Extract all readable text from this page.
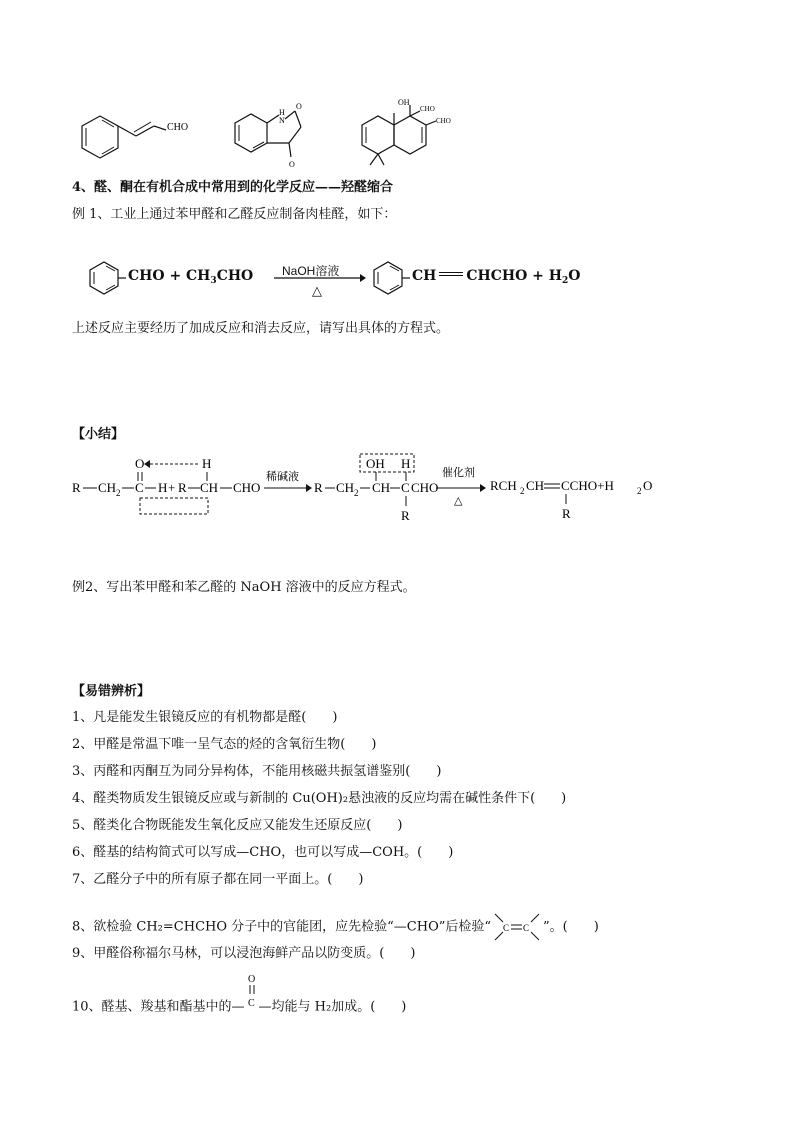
CHO
H
N
O
O
OH
CHO
CHO
4、醛、酮在有机合成中常用到的化学反应——羟醛缩合
例 1、工业上通过苯甲醛和乙醛反应制备肉桂醛，如下：
CHO + $CH_3CHO$ NaOH溶液
△
CH CHCHO + $H_2O$
上述反应主要经历了加成反应和消去反应，请写出具体的方程式。
【小结】
R CH 2
O
C H + R
H
CH CHO
稀碱液
R CH 2
OH
CH
H
C CHO
R
催化剂
△
RCH 2 CH CCHO+H	2 O
R
例2、写出苯甲醛和苯乙醛的 NaOH 溶液中的反应方程式。
【易错辨析】
1、凡是能发生银镜反应的有机物都是醛(　　)
2、甲醛是常温下唯一呈气态的烃的含氧衍生物(　　)
3、丙醛和丙酮互为同分异构体，不能用核磁共振氢谱鉴别(　　)
4、醛类物质发生银镜反应或与新制的 Cu(OH)₂悬浊液的反应均需在碱性条件下(　　)
5、醛类化合物既能发生氧化反应又能发生还原反应(　　)
6、醛基的结构简式可以写成—CHO，也可以写成—COH。(　　)
7、乙醛分子中的所有原子都在同一平面上。(　　)
8、欲检验 CH₂=CHCHO 分子中的官能团，应先检验“—CHO”后检验“ C C ”。(　　)
9、甲醛俗称福尔马林，可以浸泡海鲜产品以防变质。(　　)
10、醛基、羧基和酯基中的—
O
C —均能与 H₂加成。(　　)
